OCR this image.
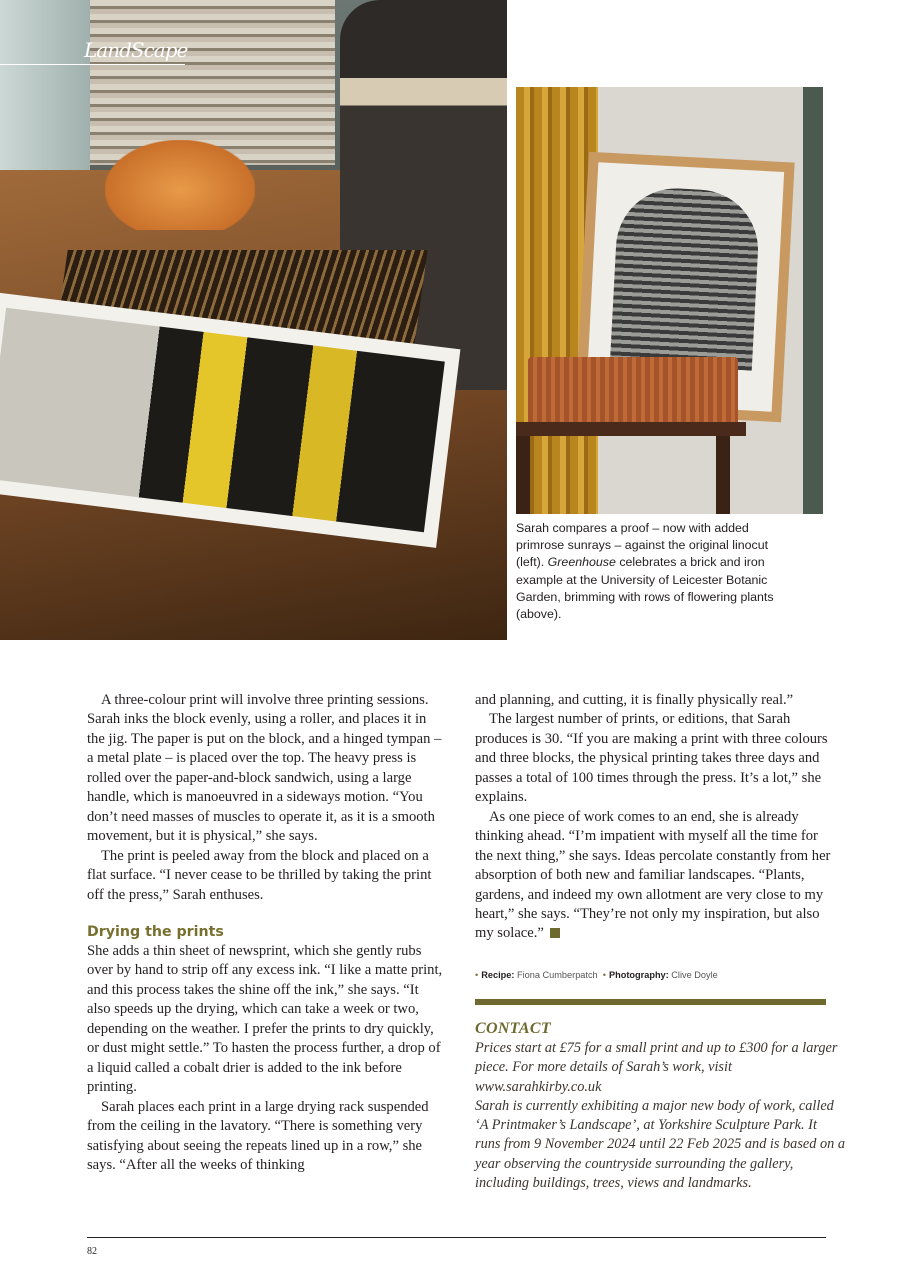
LandScape
Sarah compares a proof – now with added primrose sunrays – against the original linocut (left). Greenhouse celebrates a brick and iron example at the University of Leicester Botanic Garden, brimming with rows of flowering plants (above).

A three-colour print will involve three printing sessions. Sarah inks the block evenly, using a roller, and places it in the jig. The paper is put on the block, and a hinged tympan – a metal plate – is placed over the top. The heavy press is rolled over the paper-and-block sandwich, using a large handle, which is manoeuvred in a sideways motion. “You don’t need masses of muscles to operate it, as it is a smooth movement, but it is physical,” she says.

The print is peeled away from the block and placed on a flat surface. “I never cease to be thrilled by taking the print off the press,” Sarah enthuses.

Drying the prints

She adds a thin sheet of newsprint, which she gently rubs over by hand to strip off any excess ink. “I like a matte print, and this process takes the shine off the ink,” she says. “It also speeds up the drying, which can take a week or two, depending on the weather. I prefer the prints to dry quickly, or dust might settle.” To hasten the process further, a drop of a liquid called a cobalt drier is added to the ink before printing.

Sarah places each print in a large drying rack suspended from the ceiling in the lavatory. “There is something very satisfying about seeing the repeats lined up in a row,” she says. “After all the weeks of thinking

and planning, and cutting, it is finally physically real.”

The largest number of prints, or editions, that Sarah produces is 30. “If you are making a print with three colours and three blocks, the physical printing takes three days and passes a total of 100 times through the press. It’s a lot,” she explains.

As one piece of work comes to an end, she is already thinking ahead. “I’m impatient with myself all the time for the next thing,” she says. Ideas percolate constantly from her absorption of both new and familiar landscapes. “Plants, gardens, and indeed my own allotment are very close to my heart,” she says. “They’re not only my inspiration, but also my solace.”

• Recipe: Fiona Cumberpatch  • Photography: Clive Doyle
CONTACT

Prices start at £75 for a small print and up to £300 for a larger piece. For more details of Sarah’s work, visit www.sarahkirby.co.uk

Sarah is currently exhibiting a major new body of work, called ‘A Printmaker’s Landscape’, at Yorkshire Sculpture Park. It runs from 9 November 2024 until 22 Feb 2025 and is based on a year observing the countryside surrounding the gallery, including buildings, trees, views and landmarks.

82
